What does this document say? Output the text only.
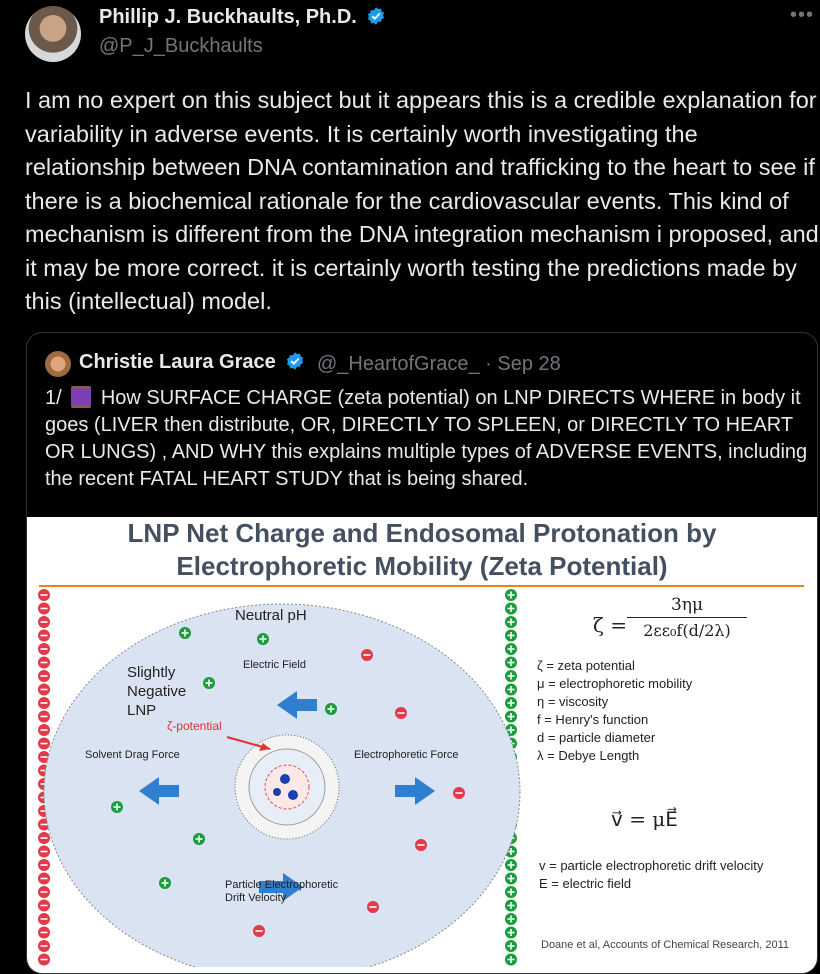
Phillip J. Buckhaults, Ph.D.
@P_J_Buckhaults
•••
I am no expert on this subject but it appears this is a credible explanation for variability in adverse events. It is certainly worth investigating the relationship between DNA contamination and trafficking to the heart to see if there is a biochemical rationale for the cardiovascular events. This kind of mechanism is different from the DNA integration mechanism i proposed, and it may be more correct. it is certainly worth testing the predictions made by this (intellectual) model.
Christie Laura Grace	@_HeartofGrace_ · Sep 28
1/ How SURFACE CHARGE (zeta potential) on LNP DIRECTS WHERE in body it goes (LIVER then distribute, OR, DIRECTLY TO SPLEEN, or DIRECTLY TO HEART OR LUNGS) , AND WHY this explains multiple types of ADVERSE EVENTS, including the recent FATAL HEART STUDY that is being shared.
LNP Net Charge and Endosomal Protonation by
Electrophoretic Mobility (Zeta Potential)
Neutral pH
Electric Field
Slightly
Negative
LNP
ζ-potential
Solvent Drag Force	Electrophoretic Force
Particle Electrophoretic
Drift Velocity
ζ =
3ημ
2εε₀f(d/2λ)
ζ = zeta potential
μ = electrophoretic mobility
η = viscosity
f = Henry's function
d = particle diameter
λ = Debye Length
v⃗ = μE⃗
v = particle electrophoretic drift velocity
E = electric field
Doane et al, Accounts of Chemical Research, 2011
